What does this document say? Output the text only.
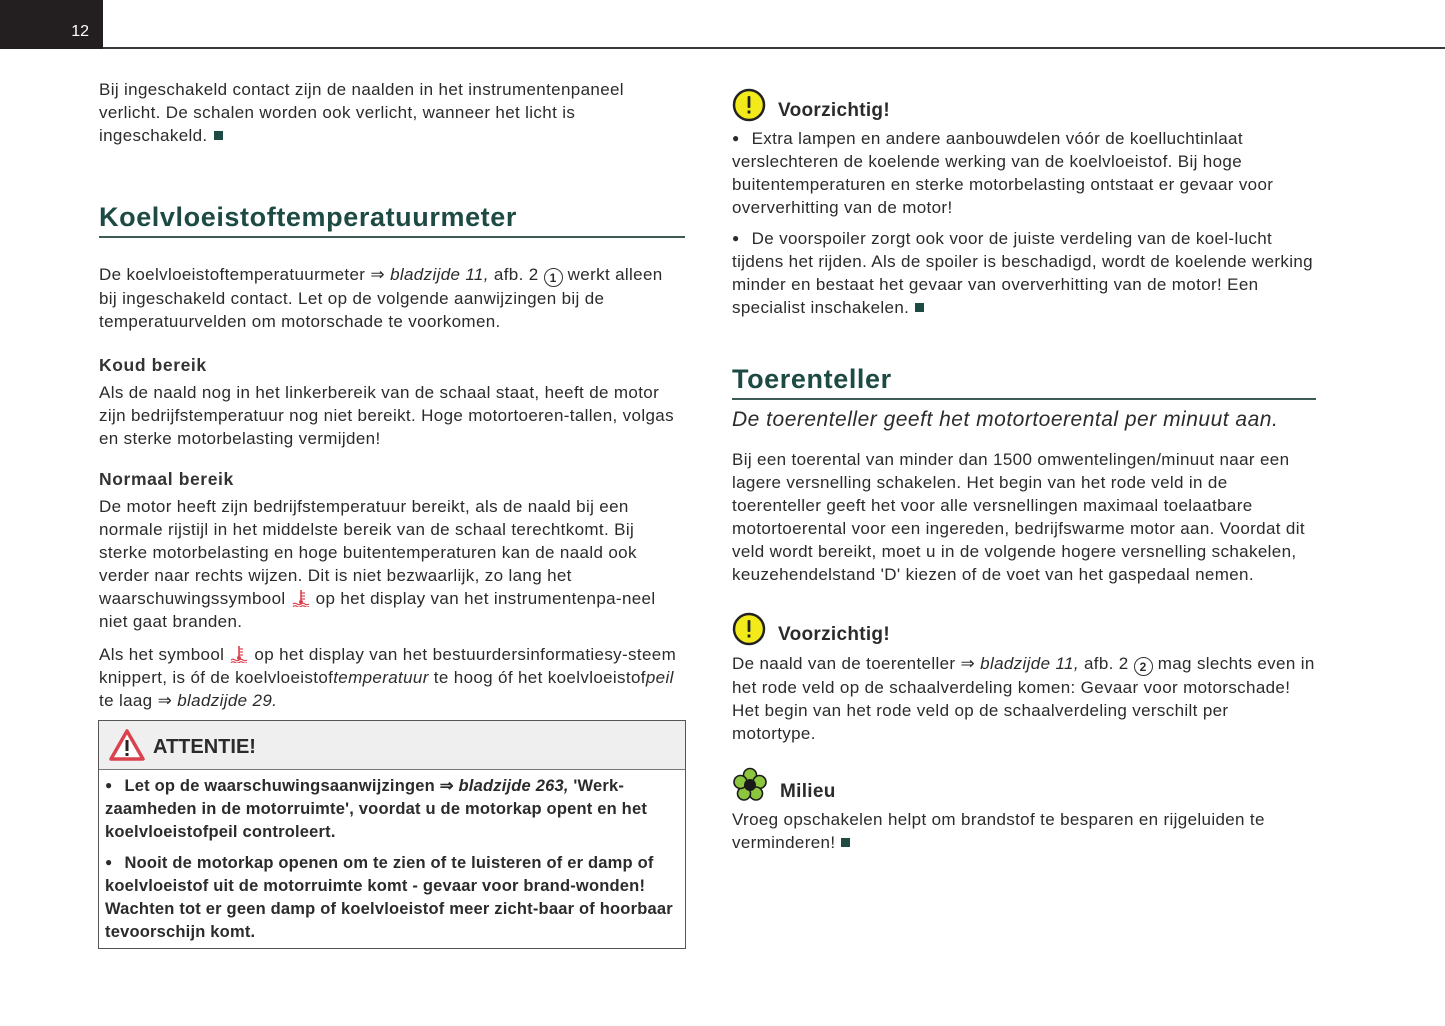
12

Bij ingeschakeld contact zijn de naalden in het instrumentenpaneel verlicht. De schalen worden ook verlicht, wanneer het licht is ingeschakeld.

Koelvloeistoftemperatuurmeter

De koelvloeistoftemperatuurmeter ⇒ bladzijde 11, afb. 2 1 werkt alleen bij ingeschakeld contact. Let op de volgende aanwijzingen bij de temperatuurvelden om motorschade te voorkomen.

Koud bereik

Als de naald nog in het linkerbereik van de schaal staat, heeft de motor zijn bedrijfstemperatuur nog niet bereikt. Hoge motortoeren-tallen, volgas en sterke motorbelasting vermijden!

Normaal bereik

De motor heeft zijn bedrijfstemperatuur bereikt, als de naald bij een normale rijstijl in het middelste bereik van de schaal terechtkomt. Bij sterke motorbelasting en hoge buitentemperaturen kan de naald ook verder naar rechts wijzen. Dit is niet bezwaarlijk, zo lang het waarschuwingssymbool  op het display van het instrumentenpa-neel niet gaat branden.

Als het symbool  op het display van het bestuurdersinformatiesy-steem knippert, is óf de koelvloeistoftemperatuur te hoog óf het koelvloeistofpeil te laag ⇒ bladzijde 29.

ATTENTIE!

● Let op de waarschuwingsaanwijzingen ⇒ bladzijde 263, 'Werk-zaamheden in de motorruimte', voordat u de motorkap opent en het koelvloeistofpeil controleert.

● Nooit de motorkap openen om te zien of te luisteren of er damp of koelvloeistof uit de motorruimte komt - gevaar voor brand-wonden! Wachten tot er geen damp of koelvloeistof meer zicht-baar of hoorbaar tevoorschijn komt.

Voorzichtig!

● Extra lampen en andere aanbouwdelen vóór de koelluchtinlaat verslechteren de koelende werking van de koelvloeistof. Bij hoge buitentemperaturen en sterke motorbelasting ontstaat er gevaar voor oververhitting van de motor!

● De voorspoiler zorgt ook voor de juiste verdeling van de koel-lucht tijdens het rijden. Als de spoiler is beschadigd, wordt de koelende werking minder en bestaat het gevaar van oververhitting van de motor! Een specialist inschakelen.

Toerenteller

De toerenteller geeft het motortoerental per minuut aan.

Bij een toerental van minder dan 1500 omwentelingen/minuut naar een lagere versnelling schakelen. Het begin van het rode veld in de toerenteller geeft het voor alle versnellingen maximaal toelaatbare motortoerental voor een ingereden, bedrijfswarme motor aan. Voordat dit veld wordt bereikt, moet u in de volgende hogere versnelling schakelen, keuzehendelstand 'D' kiezen of de voet van het gaspedaal nemen.

Voorzichtig!

De naald van de toerenteller ⇒ bladzijde 11, afb. 2 2 mag slechts even in het rode veld op de schaalverdeling komen: Gevaar voor motorschade! Het begin van het rode veld op de schaalverdeling verschilt per motortype.

Milieu

Vroeg opschakelen helpt om brandstof te besparen en rijgeluiden te verminderen!
